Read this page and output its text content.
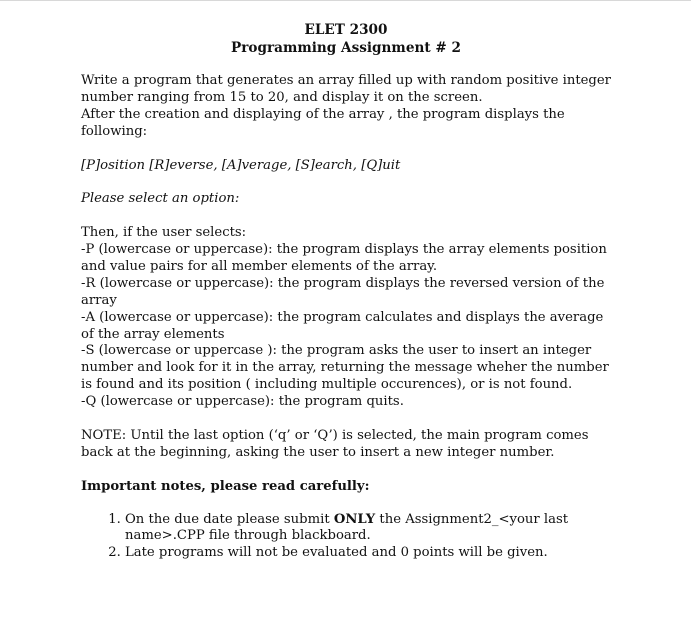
ELET 2300

Programming Assignment # 2

Write a program that generates an array filled up with random positive integer number ranging from 15 to 20, and display it on the screen.

After the creation and displaying of the array , the program displays the following:

[P]osition [R]everse, [A]verage, [S]earch, [Q]uit

Please select an option:

Then, if the user selects:

-P (lowercase or uppercase): the program displays the array elements position and value pairs for all member elements of the array.

-R (lowercase or uppercase): the program displays the reversed version of the array

-A (lowercase or uppercase): the program calculates and displays the average of the array elements

-S (lowercase or uppercase ): the program asks the user to insert an integer number and look for it in the array, returning the message wheher the number is found and its position ( including multiple occurences), or is not found.

-Q (lowercase or uppercase): the program quits.

NOTE: Until the last option (‘q’ or ‘Q’) is selected, the main program comes back at the beginning, asking the user to insert a new integer number.

Important notes, please read carefully:

1. On the due date please submit ONLY the Assignment2_<your last name>.CPP file through blackboard.
2. Late programs will not be evaluated and 0 points will be given.
